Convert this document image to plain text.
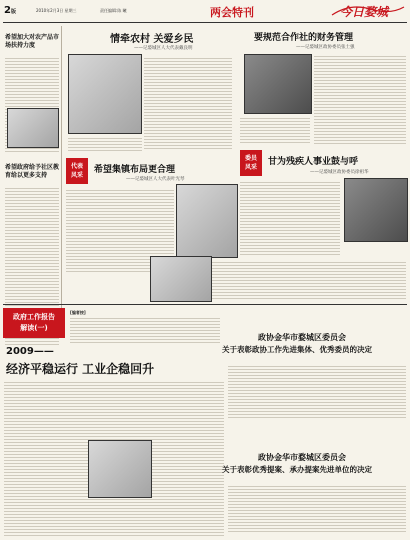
2版	2010年2月3日 星期三	责任编辑:陈 曦	两会特刊	今日婺城
希望加大对农产品市场扶持力度
希望政府给予社区教育给以更多支持
情牵农村 关爱乡民
——记婺城区人大代表戴良明
要规范合作社的财务管理
——记婺城区政协委员张土强
代表
风采
希望集镇布局更合理
——记婺城区人大代表叶光琴
委员
风采
甘为残疾人事业鼓与呼
——记婺城区政协委员徐祖华
政府工作报告
解读(一)
[编者按]
2009——
经济平稳运行 工业企稳回升
政协金华市婺城区委员会
关于表彰政协工作先进集体、优秀委员的决定
政协金华市婺城区委员会
关于表彰优秀提案、承办提案先进单位的决定
